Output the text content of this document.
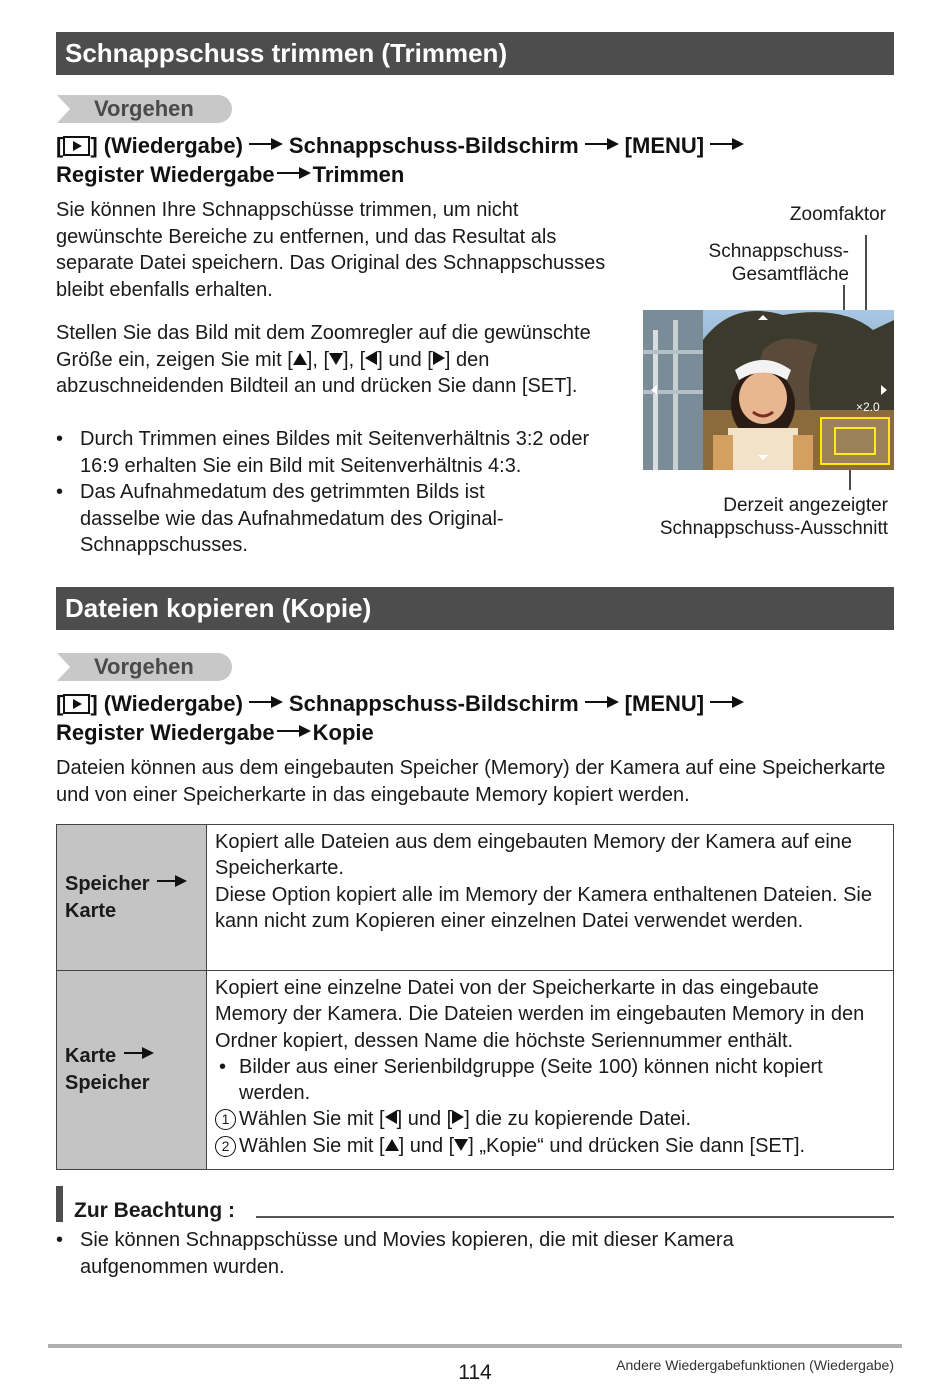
Schnappschuss trimmen (Trimmen)
Vorgehen
[ ] (Wiedergabe) Schnappschuss-Bildschirm [MENU]
Register Wiedergabe Trimmen
Sie können Ihre Schnappschüsse trimmen, um nicht gewünschte Bereiche zu entfernen, und das Resultat als separate Datei speichern. Das Original des Schnappschusses bleibt ebenfalls erhalten.
Stellen Sie das Bild mit dem Zoomregler auf die gewünschte Größe ein, zeigen Sie mit [ ], [ ], [ ] und [ ] den abzuschneidenden Bildteil an und drücken Sie dann [SET].
• Durch Trimmen eines Bildes mit Seitenverhältnis 3:2 oder 16:9 erhalten Sie ein Bild mit Seitenverhältnis 4:3.
• Das Aufnahmedatum des getrimmten Bilds ist dasselbe wie das Aufnahmedatum des Original-Schnappschusses.
Zoomfaktor
Schnappschuss-
Gesamtfläche
Derzeit angezeigter
Schnappschuss-Ausschnitt
×2.0
Dateien kopieren (Kopie)
Vorgehen
[ ] (Wiedergabe) Schnappschuss-Bildschirm [MENU]
Register Wiedergabe Kopie
Dateien können aus dem eingebauten Speicher (Memory) der Kamera auf eine Speicherkarte und von einer Speicherkarte in das eingebaute Memory kopiert werden.
Speicher
Karte
Kopiert alle Dateien aus dem eingebauten Memory der Kamera auf eine Speicherkarte.
Diese Option kopiert alle im Memory der Kamera enthaltenen Dateien. Sie kann nicht zum Kopieren einer einzelnen Datei verwendet werden.
Karte
Speicher
Kopiert eine einzelne Datei von der Speicherkarte in das eingebaute Memory der Kamera. Die Dateien werden im eingebauten Memory in den Ordner kopiert, dessen Name die höchste Seriennummer enthält.
• Bilder aus einer Serienbildgruppe (Seite 100) können nicht kopiert werden.
1 Wählen Sie mit [ ] und [ ] die zu kopierende Datei.
2 Wählen Sie mit [ ] und [ ] „Kopie“ und drücken Sie dann [SET].
Zur Beachtung :
• Sie können Schnappschüsse und Movies kopieren, die mit dieser Kamera aufgenommen wurden.
114	Andere Wiedergabefunktionen (Wiedergabe)
